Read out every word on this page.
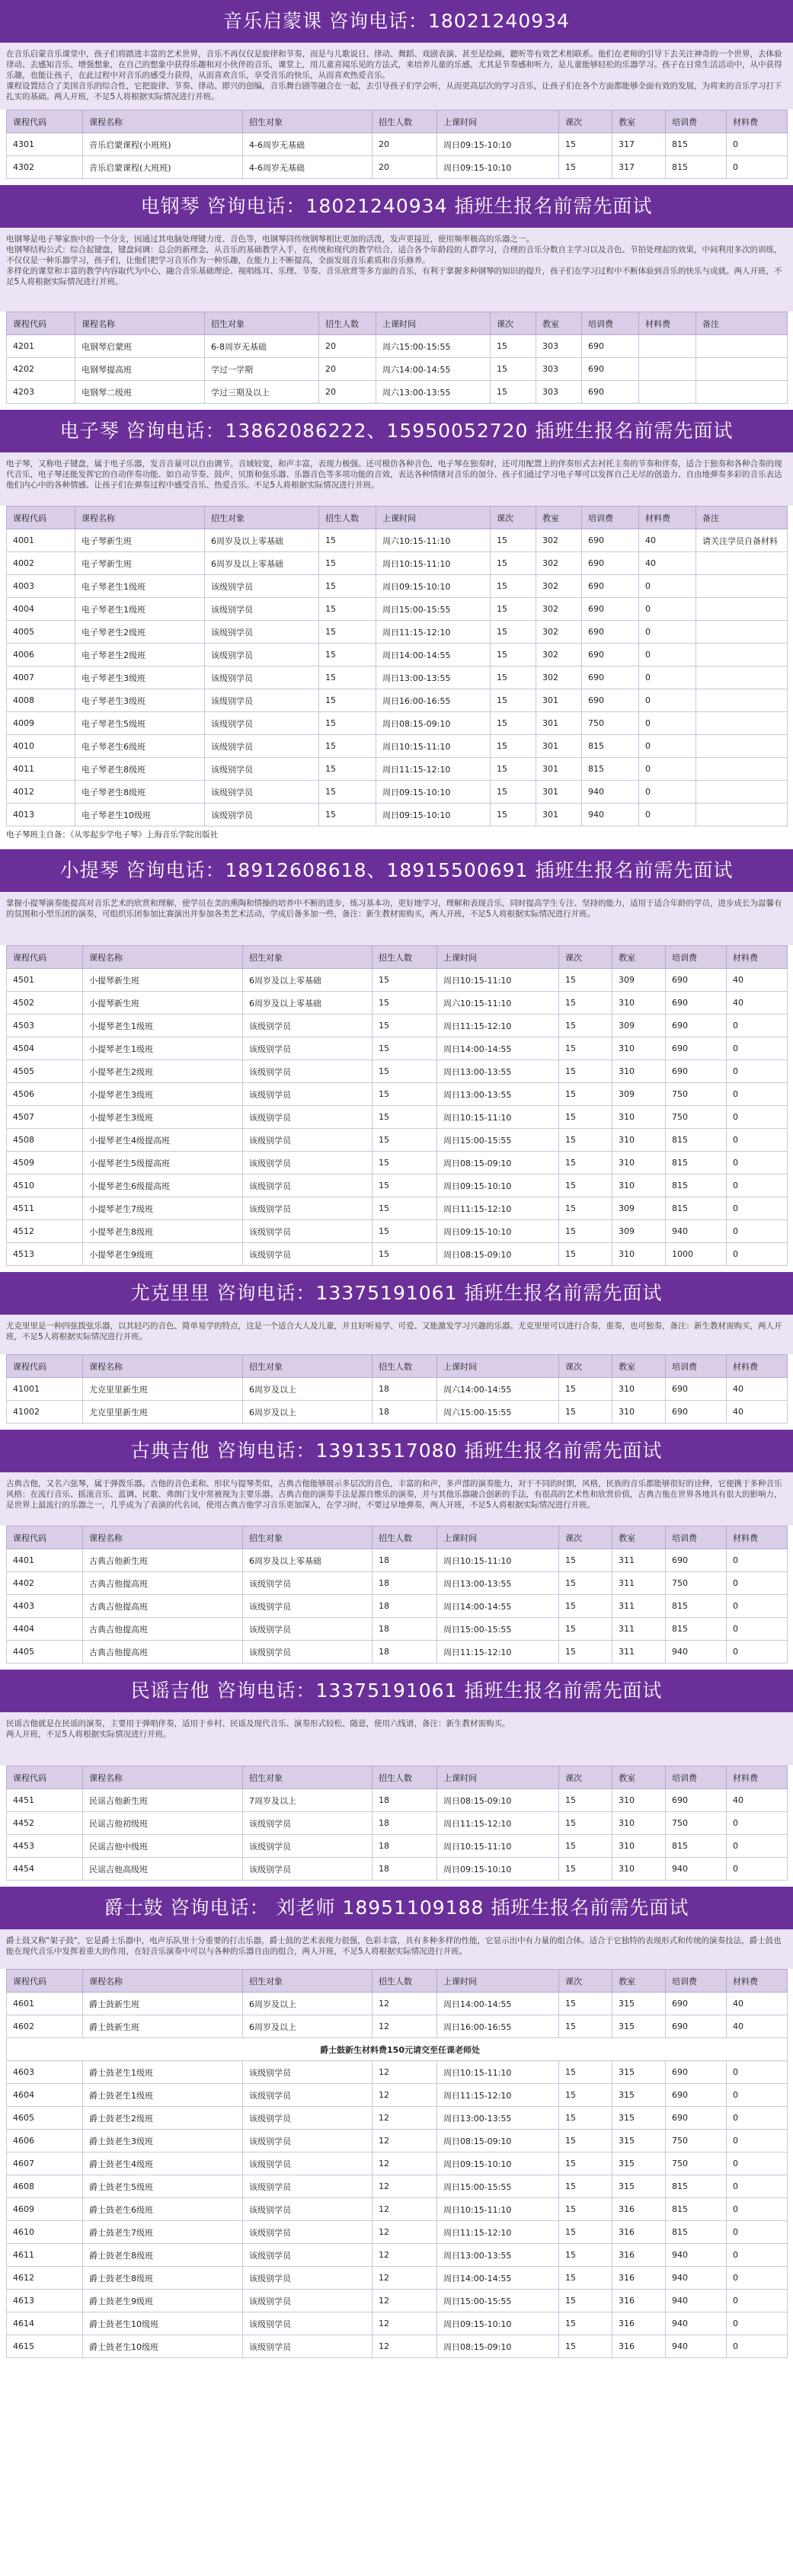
音乐启蒙课 咨询电话：18021240934
在音乐启蒙音乐课堂中，孩子们将踏进丰富的艺术世界，音乐不再仅仅是旋律和节奏，而是与儿歌说日、律动、舞蹈、戏剧表演、甚至是绘画，聽听等有效艺术相联系。他们在老师的引导下去关注神奇的一个世界，去体验律动、去感知音乐、增强想象，在自己的想象中获得乐趣和对小伙伴的音乐，课堂上，用儿童喜闻乐见的方法式，来培养儿童的乐感，尤其是节奏感和听力，是儿童能够轻松的乐器学习。孩子在日常生活活动中，从中获得乐趣，也能让孩子，在此过程中对音乐的感受力获得，从而喜欢音乐，享受音乐的快乐，从而喜欢热爱音乐。
课程设置结合了美国音乐的综合性，它把旋律、节奏、律动、即兴的创编，音乐舞台剧等融合在一起，去引导孩子们学会听，从而更高层次的学习音乐，让孩子们在各个方面都能够全面有效的发展，为将来的音乐学习打下扎实的基础。两人开班，不足5人将根据实际情况进行并班。
课程代码	课程名称	招生对象	招生人数	上课时间	课次	教室	培训费	材料费
4301	音乐启蒙课程(小班班)	4-6周岁无基础	20	周日09:15-10:10	15	317	815	0
4302	音乐启蒙课程(大班班)	4-6周岁无基础	20	周日09:15-10:10	15	317	815	0
电钢琴 咨询电话：18021240934 插班生报名前需先面试
电钢琴是电子琴家族中的一个分支，因通过其电脑处理键力度、音色等，电钢琴同传统钢琴相比更加的活泼，发声更接近，使用频率极高的乐器之一。
电钢琴结构公式：综合起键盘，键盘间调：总会的新理念，从音乐的基础教学入手，在传统和现代的教学结合，适合各个年龄段的人群学习，合理的音乐分数自主学习以及音色、节拍处理起的效果，中间利用多次的训练，不仅仅是一种乐器学习，孩子们，让他们把学习音乐作为一种乐趣，在能力上不断提高，全面发展音乐素质和音乐修养。
多样化的课堂和丰富的教学内容取代为中心，融合音乐基础理论、视唱练耳、乐理、节奏、音乐欣赏等多方面的音乐，有利于掌握多种钢琴的知识的提升，孩子们在学习过程中不断体验到音乐的快乐与成就。两人开班，不足5人将根据实际情况进行并班。
课程代码	课程名称	招生对象	招生人数	上课时间	课次	教室	培训费	材料费	备注
4201	电钢琴启蒙班	6-8周岁无基础	20	周六15:00-15:55	15	303	690		
4202	电钢琴提高班	学过一学期	20	周六14:00-14:55	15	303	690		
4203	电钢琴二级班	学过三期及以上	20	周六13:00-13:55	15	303	690		
电子琴 咨询电话：13862086222、15950052720 插班生报名前需先面试
电子琴，又称电子键盘，属于电子乐器，发音音量可以自由调节。音域较宽，和声丰富，表现力极强。还可模仿各种音色，电子琴在独奏时，还可用配置上的伴奏形式去衬托主奏的节奏和伴奏，适合于独奏和各种合奏的现代音乐，电子琴还能发挥它的自动伴奏功能、如自动节奏、鼓声、贝斯和弦乐器、乐器音色等多项功能的音效，表达各种情绪对音乐的加分、孩子们通过学习电子琴可以发挥自己无尽的创造力、自由地弹奏多彩的音乐表达他们内心中的各种情感、让孩子们在弹奏过程中感受音乐、热爱音乐。不足5人将根据实际情况进行并班。
课程代码	课程名称	招生对象	招生人数	上课时间	课次	教室	培训费	材料费	备注
4001	电子琴新生班	6周岁及以上零基础	15	周六10:15-11:10	15	302	690	40	请关注学员自备材料
4002	电子琴新生班	6周岁及以上零基础	15	周日10:15-11:10	15	302	690	40	
4003	电子琴老生1级班	该级别学员	15	周日09:15-10:10	15	302	690	0	
4004	电子琴老生1级班	该级别学员	15	周日15:00-15:55	15	302	690	0	
4005	电子琴老生2级班	该级别学员	15	周日11:15-12:10	15	302	690	0	
4006	电子琴老生2级班	该级别学员	15	周日14:00-14:55	15	302	690	0	
4007	电子琴老生3级班	该级别学员	15	周日13:00-13:55	15	302	690	0	
4008	电子琴老生3级班	该级别学员	15	周日16:00-16:55	15	301	690	0	
4009	电子琴老生5级班	该级别学员	15	周日08:15-09:10	15	301	750	0	
4010	电子琴老生6级班	该级别学员	15	周日10:15-11:10	15	301	815	0	
4011	电子琴老生8级班	该级别学员	15	周日11:15-12:10	15	301	815	0	
4012	电子琴老生8级班	该级别学员	15	周日09:15-10:10	15	301	940	0	
4013	电子琴老生10级班	该级别学员	15	周日09:15-10:10	15	301	940	0	
电子琴班主自备：《从零起步学电子琴》上海音乐学院出版社
小提琴 咨询电话：18912608618、18915500691 插班生报名前需先面试
掌握小提琴演奏能提高对音乐艺术的欣赏和理解，使学员在美的熏陶和情操的培养中不断的进步，练习基本功，更好地学习，理解和表现音乐，同时提高学生专注、坚持的能力，适用于适合年龄的学员，进步成长为温馨有的氛围和小型乐团的演奏，可组织乐团参加比赛演出并参加各类艺术活动，学成后备多加一些，备注：新生教材需购买，两人开班，不足5人将根据实际情况进行并班。
课程代码	课程名称	招生对象	招生人数	上课时间	课次	教室	培训费	材料费
4501	小提琴新生班	6周岁及以上零基础	15	周日10:15-11:10	15	309	690	40
4502	小提琴新生班	6周岁及以上零基础	15	周六10:15-11:10	15	310	690	40
4503	小提琴老生1级班	该级别学员	15	周日11:15-12:10	15	309	690	0
4504	小提琴老生1级班	该级别学员	15	周日14:00-14:55	15	310	690	0
4505	小提琴老生2级班	该级别学员	15	周日13:00-13:55	15	310	690	0
4506	小提琴老生3级班	该级别学员	15	周日13:00-13:55	15	309	750	0
4507	小提琴老生3级班	该级别学员	15	周日10:15-11:10	15	310	750	0
4508	小提琴老生4级提高班	该级别学员	15	周日15:00-15:55	15	310	815	0
4509	小提琴老生5级提高班	该级别学员	15	周日08:15-09:10	15	310	815	0
4510	小提琴老生6级提高班	该级别学员	15	周日09:15-10:10	15	310	815	0
4511	小提琴老生7级班	该级别学员	15	周日11:15-12:10	15	309	815	0
4512	小提琴老生8级班	该级别学员	15	周日09:15-10:10	15	309	940	0
4513	小提琴老生9级班	该级别学员	15	周日08:15-09:10	15	310	1000	0
尤克里里 咨询电话：13375191061 插班生报名前需先面试
尤克里里是一种四弦拨弦乐器，以其轻巧的音色、简单易学的特点，这是一个适合大人及儿童，并且好听易学、可爱、又能激发学习兴趣的乐器。尤克里里可以进行合奏，重奏，也可独奏，备注：新生教材需购买，两人开班，不足5人将根据实际情况进行并班。
课程代码	课程名称	招生对象	招生人数	上课时间	课次	教室	培训费	材料费
41001	尤克里里新生班	6周岁及以上	18	周六14:00-14:55	15	310	690	40
41002	尤克里里新生班	6周岁及以上	18	周六15:00-15:55	15	310	690	40
古典吉他 咨询电话：13913517080 插班生报名前需先面试
古典吉他，又名六弦琴，属于弹拨乐器。吉他的音色柔和、形状与提琴类似，古典吉他能够展示多层次的音色，丰富的和声，多声部的演奏能力，对于不同的时期，风格，民族的音乐都能够很好的诠释，它便携于多种音乐风格：在流行音乐、摇滚音乐、蓝调、民歌、弗朗门戈中常被视为主要乐器。古典吉他的演奏手法是源自维乐的演奏，并与其他乐器融合创新的手法，有很高的艺术性和欣赏价值，古典吉他在世界各地具有很大的影响力，是世界上最流行的乐器之一，几乎成为了表演的代名词，使用古典吉他学习音乐更加深入，在学习时，不要过早地弹奏，两人开班，不足5人将根据实际情况进行并班。
课程代码	课程名称	招生对象	招生人数	上课时间	课次	教室	培训费	材料费
4401	古典吉他新生班	6周岁及以上零基础	18	周日10:15-11:10	15	311	690	0
4402	古典吉他提高班	该级别学员	18	周日13:00-13:55	15	311	750	0
4403	古典吉他提高班	该级别学员	18	周日14:00-14:55	15	311	815	0
4404	古典吉他提高班	该级别学员	18	周日15:00-15:55	15	311	815	0
4405	古典吉他提高班	该级别学员	18	周日11:15-12:10	15	311	940	0
民谣吉他 咨询电话：13375191061 插班生报名前需先面试
民谣吉他就是在民谣的演奏，主要用于弹唱伴奏，适用于乡村、民谣及现代音乐、演奏形式较松、随意，使用六线谱，备注：新生教材需购买。
两人开班，不足5人将根据实际情况进行并班。
课程代码	课程名称	招生对象	招生人数	上课时间	课次	教室	培训费	材料费
4451	民谣吉他新生班	7周岁及以上	18	周日08:15-09:10	15	310	690	40
4452	民谣吉他初级班	该级别学员	18	周日11:15-12:10	15	310	750	0
4453	民谣吉他中级班	该级别学员	18	周日10:15-11:10	15	310	815	0
4454	民谣吉他高级班	该级别学员	18	周日09:15-10:10	15	310	940	0
爵士鼓 咨询电话： 刘老师 18951109188 插班生报名前需先面试
爵士鼓又称"架子鼓"，它是爵士乐器中，电声乐队里十分重要的打击乐器，爵士鼓的艺术表现力很强，色彩丰富，具有多种多样的性能，它显示出中有力量的组合体。适合于它独特的表现形式和传统的演奏技法，爵士鼓也能在现代音乐中发挥着重大的作用，在轻音乐演奏中可以与各种的乐器自由的组合，两人开班，不足5人将根据实际情况进行并班。
课程代码	课程名称	招生对象	招生人数	上课时间	课次	教室	培训费	材料费
4601	爵士鼓新生班	6周岁及以上	12	周日14:00-14:55	15	315	690	40
4602	爵士鼓新生班	6周岁及以上	12	周日16:00-16:55	15	315	690	40
爵士鼓新生材料费150元请交至任课老师处								
4603	爵士鼓老生1级班	该级别学员	12	周日10:15-11:10	15	315	690	0
4604	爵士鼓老生1级班	该级别学员	12	周日11:15-12:10	15	315	690	0
4605	爵士鼓老生2级班	该级别学员	12	周日13:00-13:55	15	315	690	0
4606	爵士鼓老生3级班	该级别学员	12	周日08:15-09:10	15	315	750	0
4607	爵士鼓老生4级班	该级别学员	12	周日09:15-10:10	15	315	750	0
4608	爵士鼓老生5级班	该级别学员	12	周日15:00-15:55	15	315	815	0
4609	爵士鼓老生6级班	该级别学员	12	周日10:15-11:10	15	316	815	0
4610	爵士鼓老生7级班	该级别学员	12	周日11:15-12:10	15	316	815	0
4611	爵士鼓老生8级班	该级别学员	12	周日13:00-13:55	15	316	940	0
4612	爵士鼓老生8级班	该级别学员	12	周日14:00-14:55	15	316	940	0
4613	爵士鼓老生9级班	该级别学员	12	周日15:00-15:55	15	316	940	0
4614	爵士鼓老生10级班	该级别学员	12	周日09:15-10:10	15	316	940	0
4615	爵士鼓老生10级班	该级别学员	12	周日08:15-09:10	15	316	940	0
